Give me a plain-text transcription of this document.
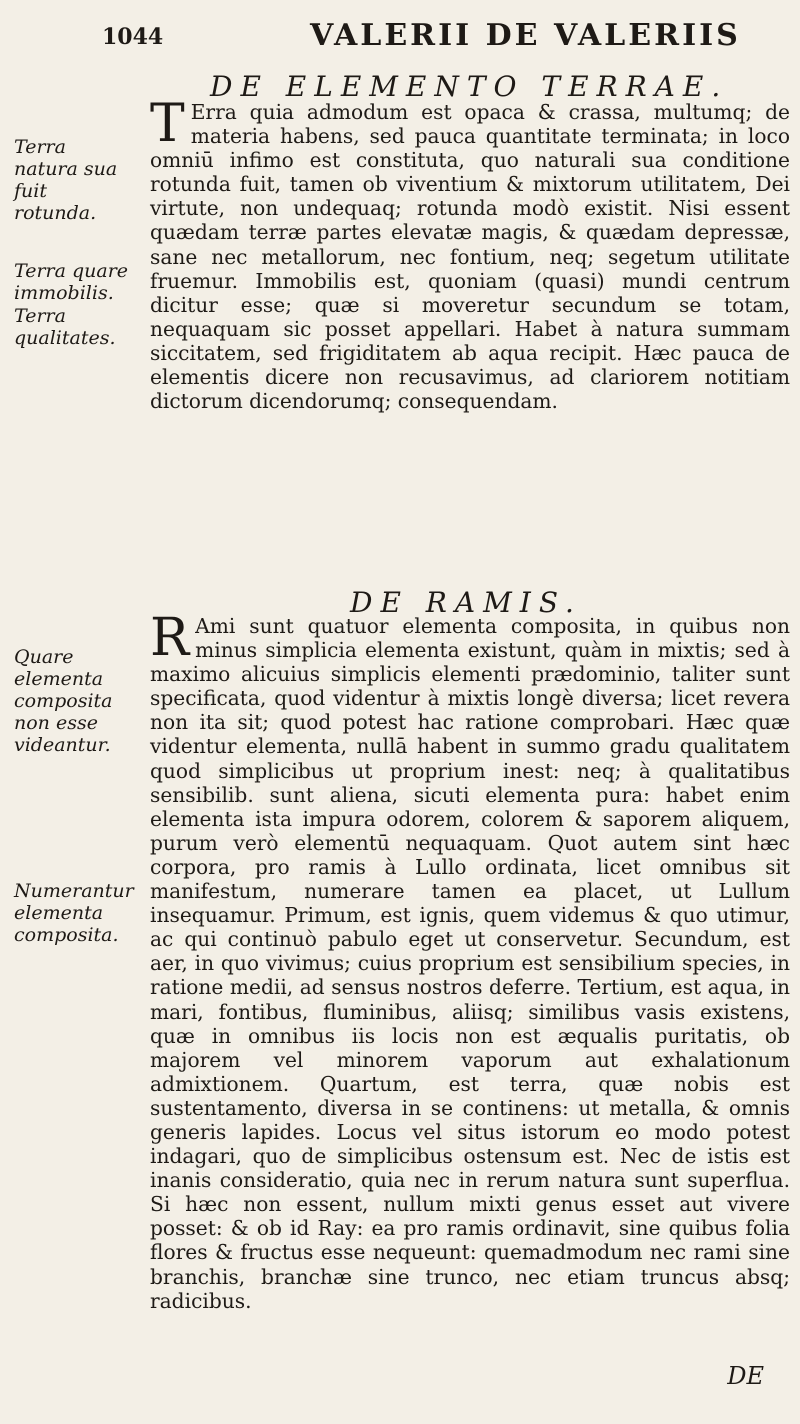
1044	VALERII DE VALERIIS
DE ELEMENTO TERRAE.
Terra natura sua fuit rotunda.
Terra quare immobilis.
Terra qualitates.
T Erra quia admodum est opaca & crassa, multumq; de materia habens, sed pauca quantitate terminata; in loco omniū infimo est constituta, quo naturali sua conditione rotunda fuit, tamen ob viventium & mixtorum utilitatem, Dei virtute, non undequaq; rotunda modò existit. Nisi essent quædam terræ partes elevatæ magis, & quædam depressæ, sane nec metallorum, nec fontium, neq; segetum utilitate fruemur. Immobilis est, quoniam (quasi) mundi centrum dicitur esse; quæ si moveretur secundum se totam, nequaquam sic posset appellari. Habet à natura summam siccitatem, sed frigiditatem ab aqua recipit. Hæc pauca de elementis dicere non recusavimus, ad clariorem notitiam dictorum dicendorumq; consequendam.
DE RAMIS.
Quare elementa composita non esse videantur.
Numerantur elementa composita.
R Ami sunt quatuor elementa composita, in quibus non minus simplicia elementa existunt, quàm in mixtis; sed à maximo alicuius simplicis elementi prædominio, taliter sunt specificata, quod videntur à mixtis longè diversa; licet revera non ita sit; quod potest hac ratione comprobari. Hæc quæ videntur elementa, nullā habent in summo gradu qualitatem quod simplicibus ut proprium inest: neq; à qualitatibus sensibilib. sunt aliena, sicuti elementa pura: habet enim elementa ista impura odorem, colorem & saporem aliquem, purum verò elementū nequaquam. Quot autem sint hæc corpora, pro ramis à Lullo ordinata, licet omnibus sit manifestum, numerare tamen ea placet, ut Lullum insequamur. Primum, est ignis, quem videmus & quo utimur, ac qui continuò pabulo eget ut conservetur. Secundum, est aer, in quo vivimus; cuius proprium est sensibilium species, in ratione medii, ad sensus nostros deferre. Tertium, est aqua, in mari, fontibus, fluminibus, aliisq; similibus vasis existens, quæ in omnibus iis locis non est æqualis puritatis, ob majorem vel minorem vaporum aut exhalationum admixtionem. Quartum, est terra, quæ nobis est sustentamento, diversa in se continens: ut metalla, & omnis generis lapides. Locus vel situs istorum eo modo potest indagari, quo de simplicibus ostensum est. Nec de istis est inanis consideratio, quia nec in rerum natura sunt superflua. Si hæc non essent, nullum mixti genus esset aut vivere posset: & ob id Ray: ea pro ramis ordinavit, sine quibus folia flores & fructus esse nequeunt: quemadmodum nec rami sine branchis, branchæ sine trunco, nec etiam truncus absq; radicibus.
DE
